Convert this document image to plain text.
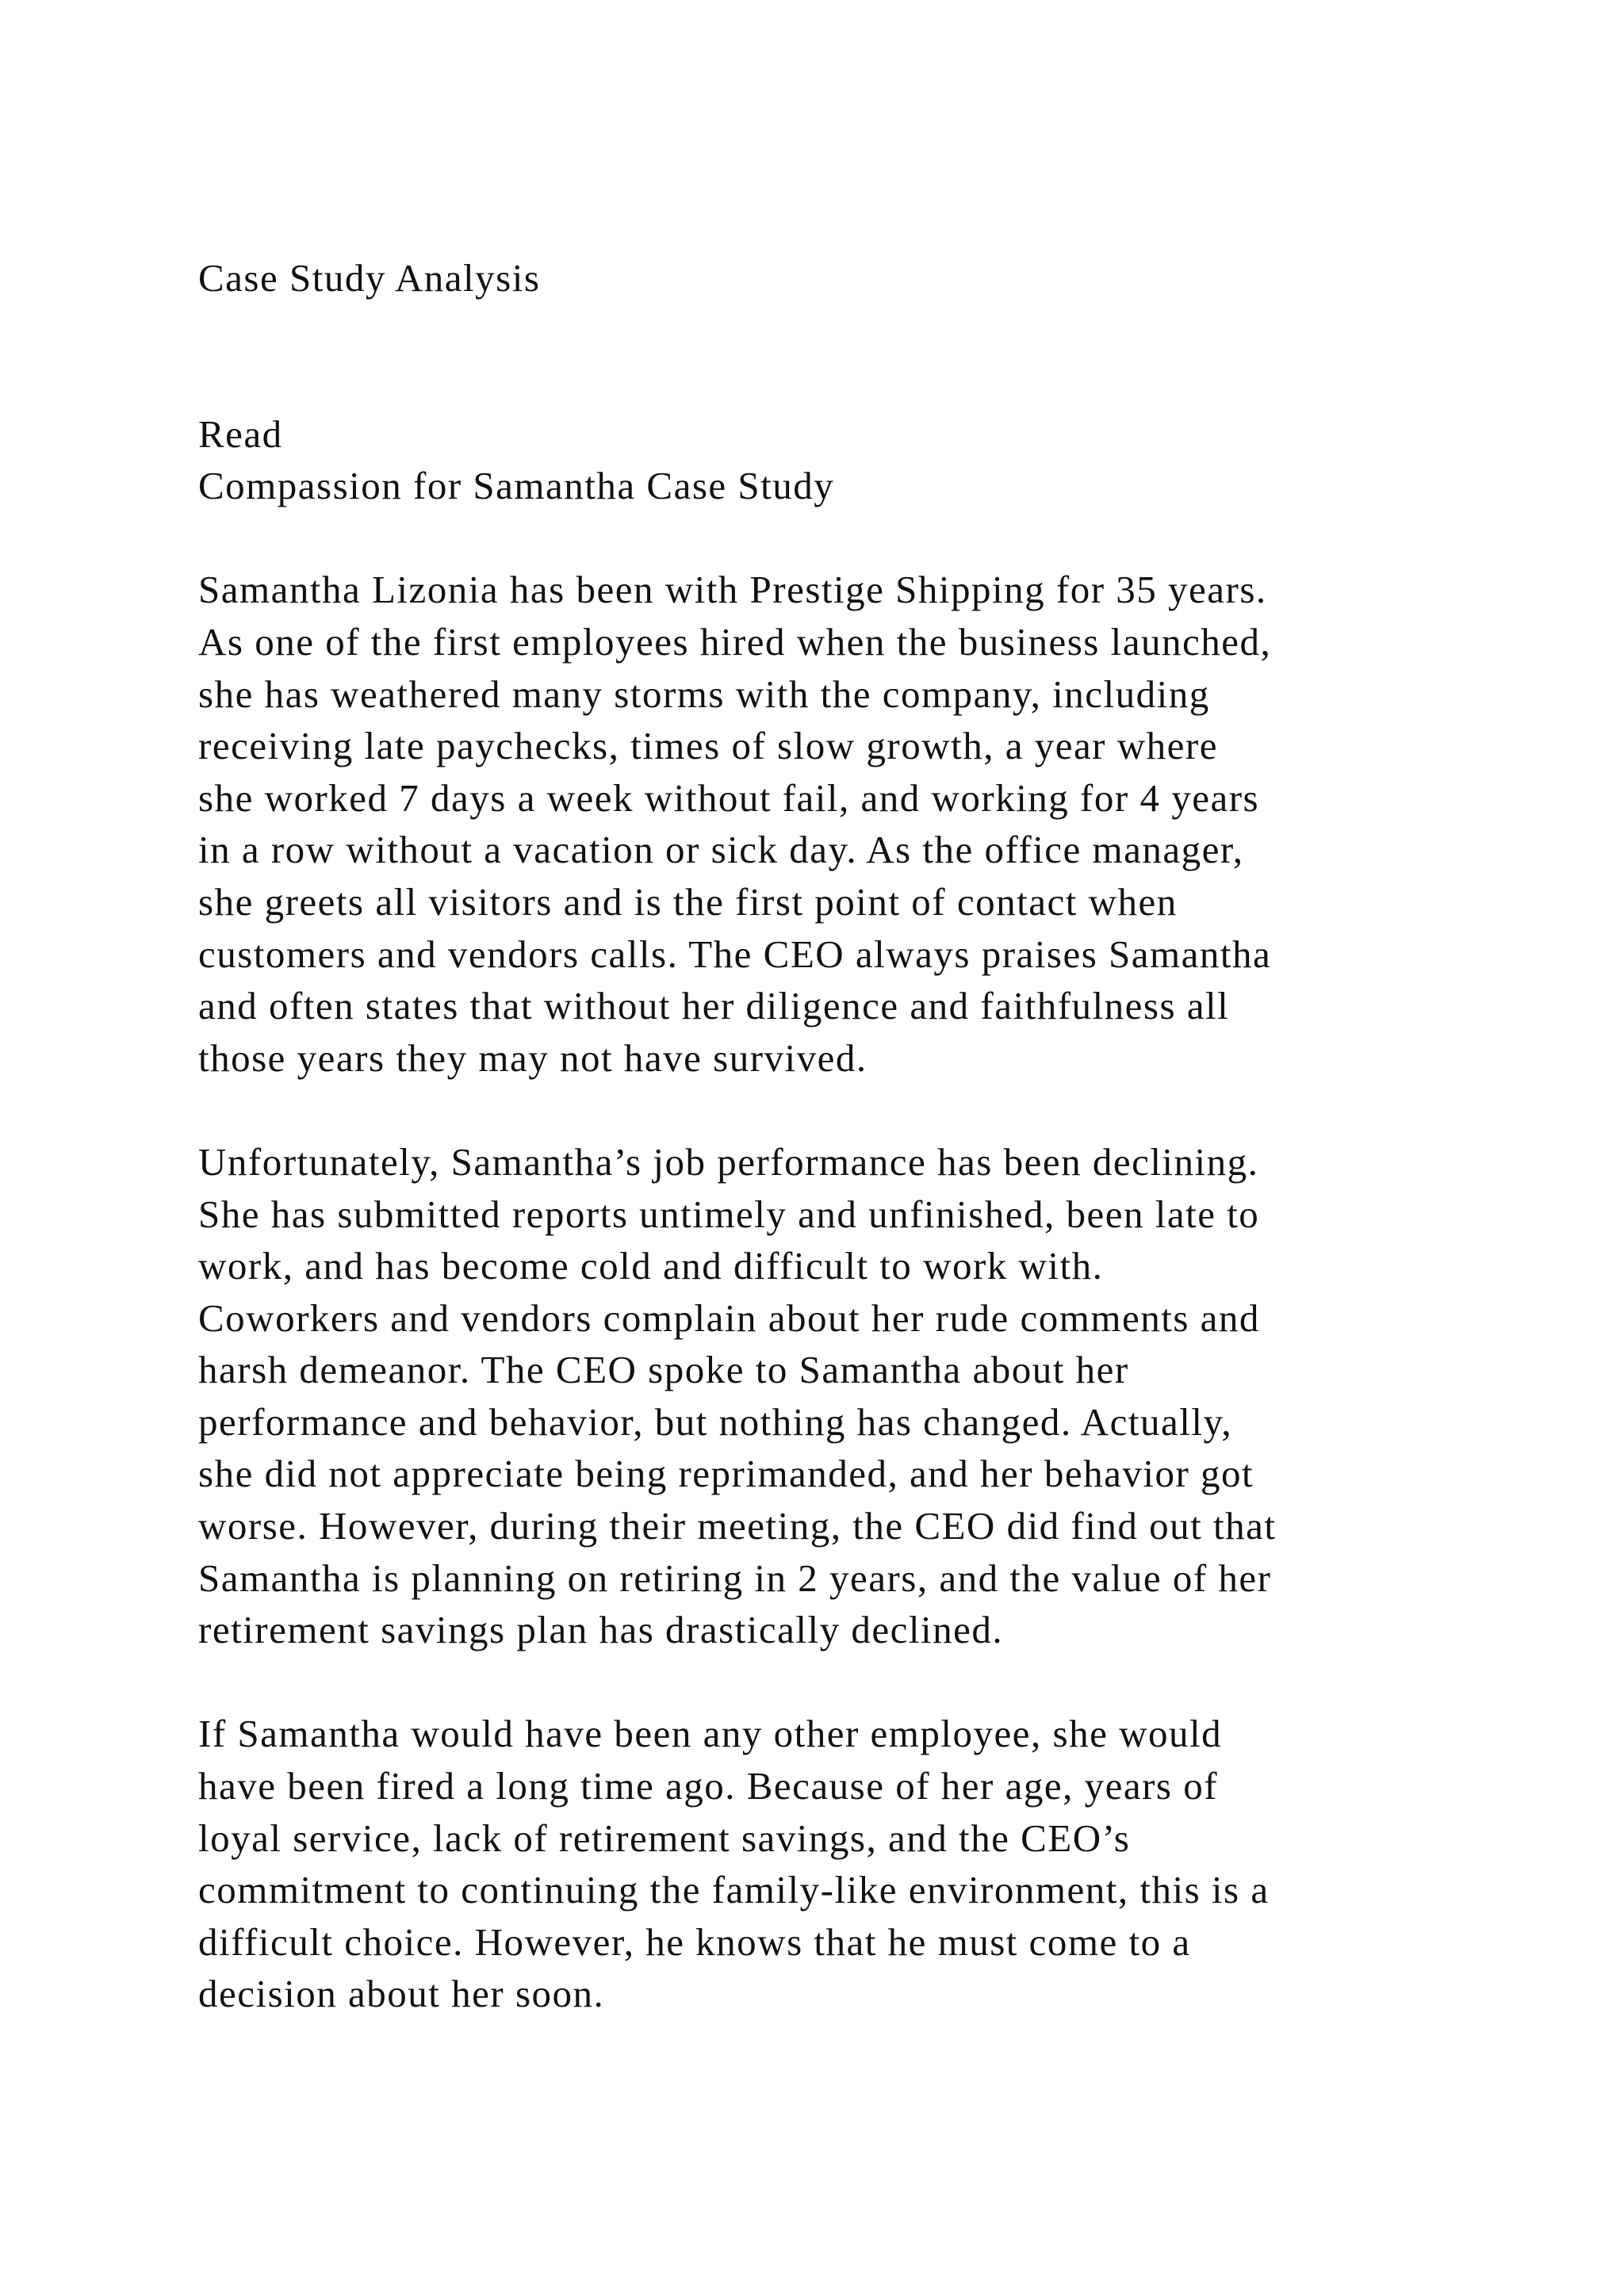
Case Study Analysis
Read
Compassion for Samantha Case Study
Samantha Lizonia has been with Prestige Shipping for 35 years.
As one of the first employees hired when the business launched,
she has weathered many storms with the company, including
receiving late paychecks, times of slow growth, a year where
she worked 7 days a week without fail, and working for 4 years
in a row without a vacation or sick day. As the office manager,
she greets all visitors and is the first point of contact when
customers and vendors calls. The CEO always praises Samantha
and often states that without her diligence and faithfulness all
those years they may not have survived.
Unfortunately, Samantha’s job performance has been declining.
She has submitted reports untimely and unfinished, been late to
work, and has become cold and difficult to work with.
Coworkers and vendors complain about her rude comments and
harsh demeanor. The CEO spoke to Samantha about her
performance and behavior, but nothing has changed. Actually,
she did not appreciate being reprimanded, and her behavior got
worse. However, during their meeting, the CEO did find out that
Samantha is planning on retiring in 2 years, and the value of her
retirement savings plan has drastically declined.
If Samantha would have been any other employee, she would
have been fired a long time ago. Because of her age, years of
loyal service, lack of retirement savings, and the CEO’s
commitment to continuing the family-like environment, this is a
difficult choice. However, he knows that he must come to a
decision about her soon.
